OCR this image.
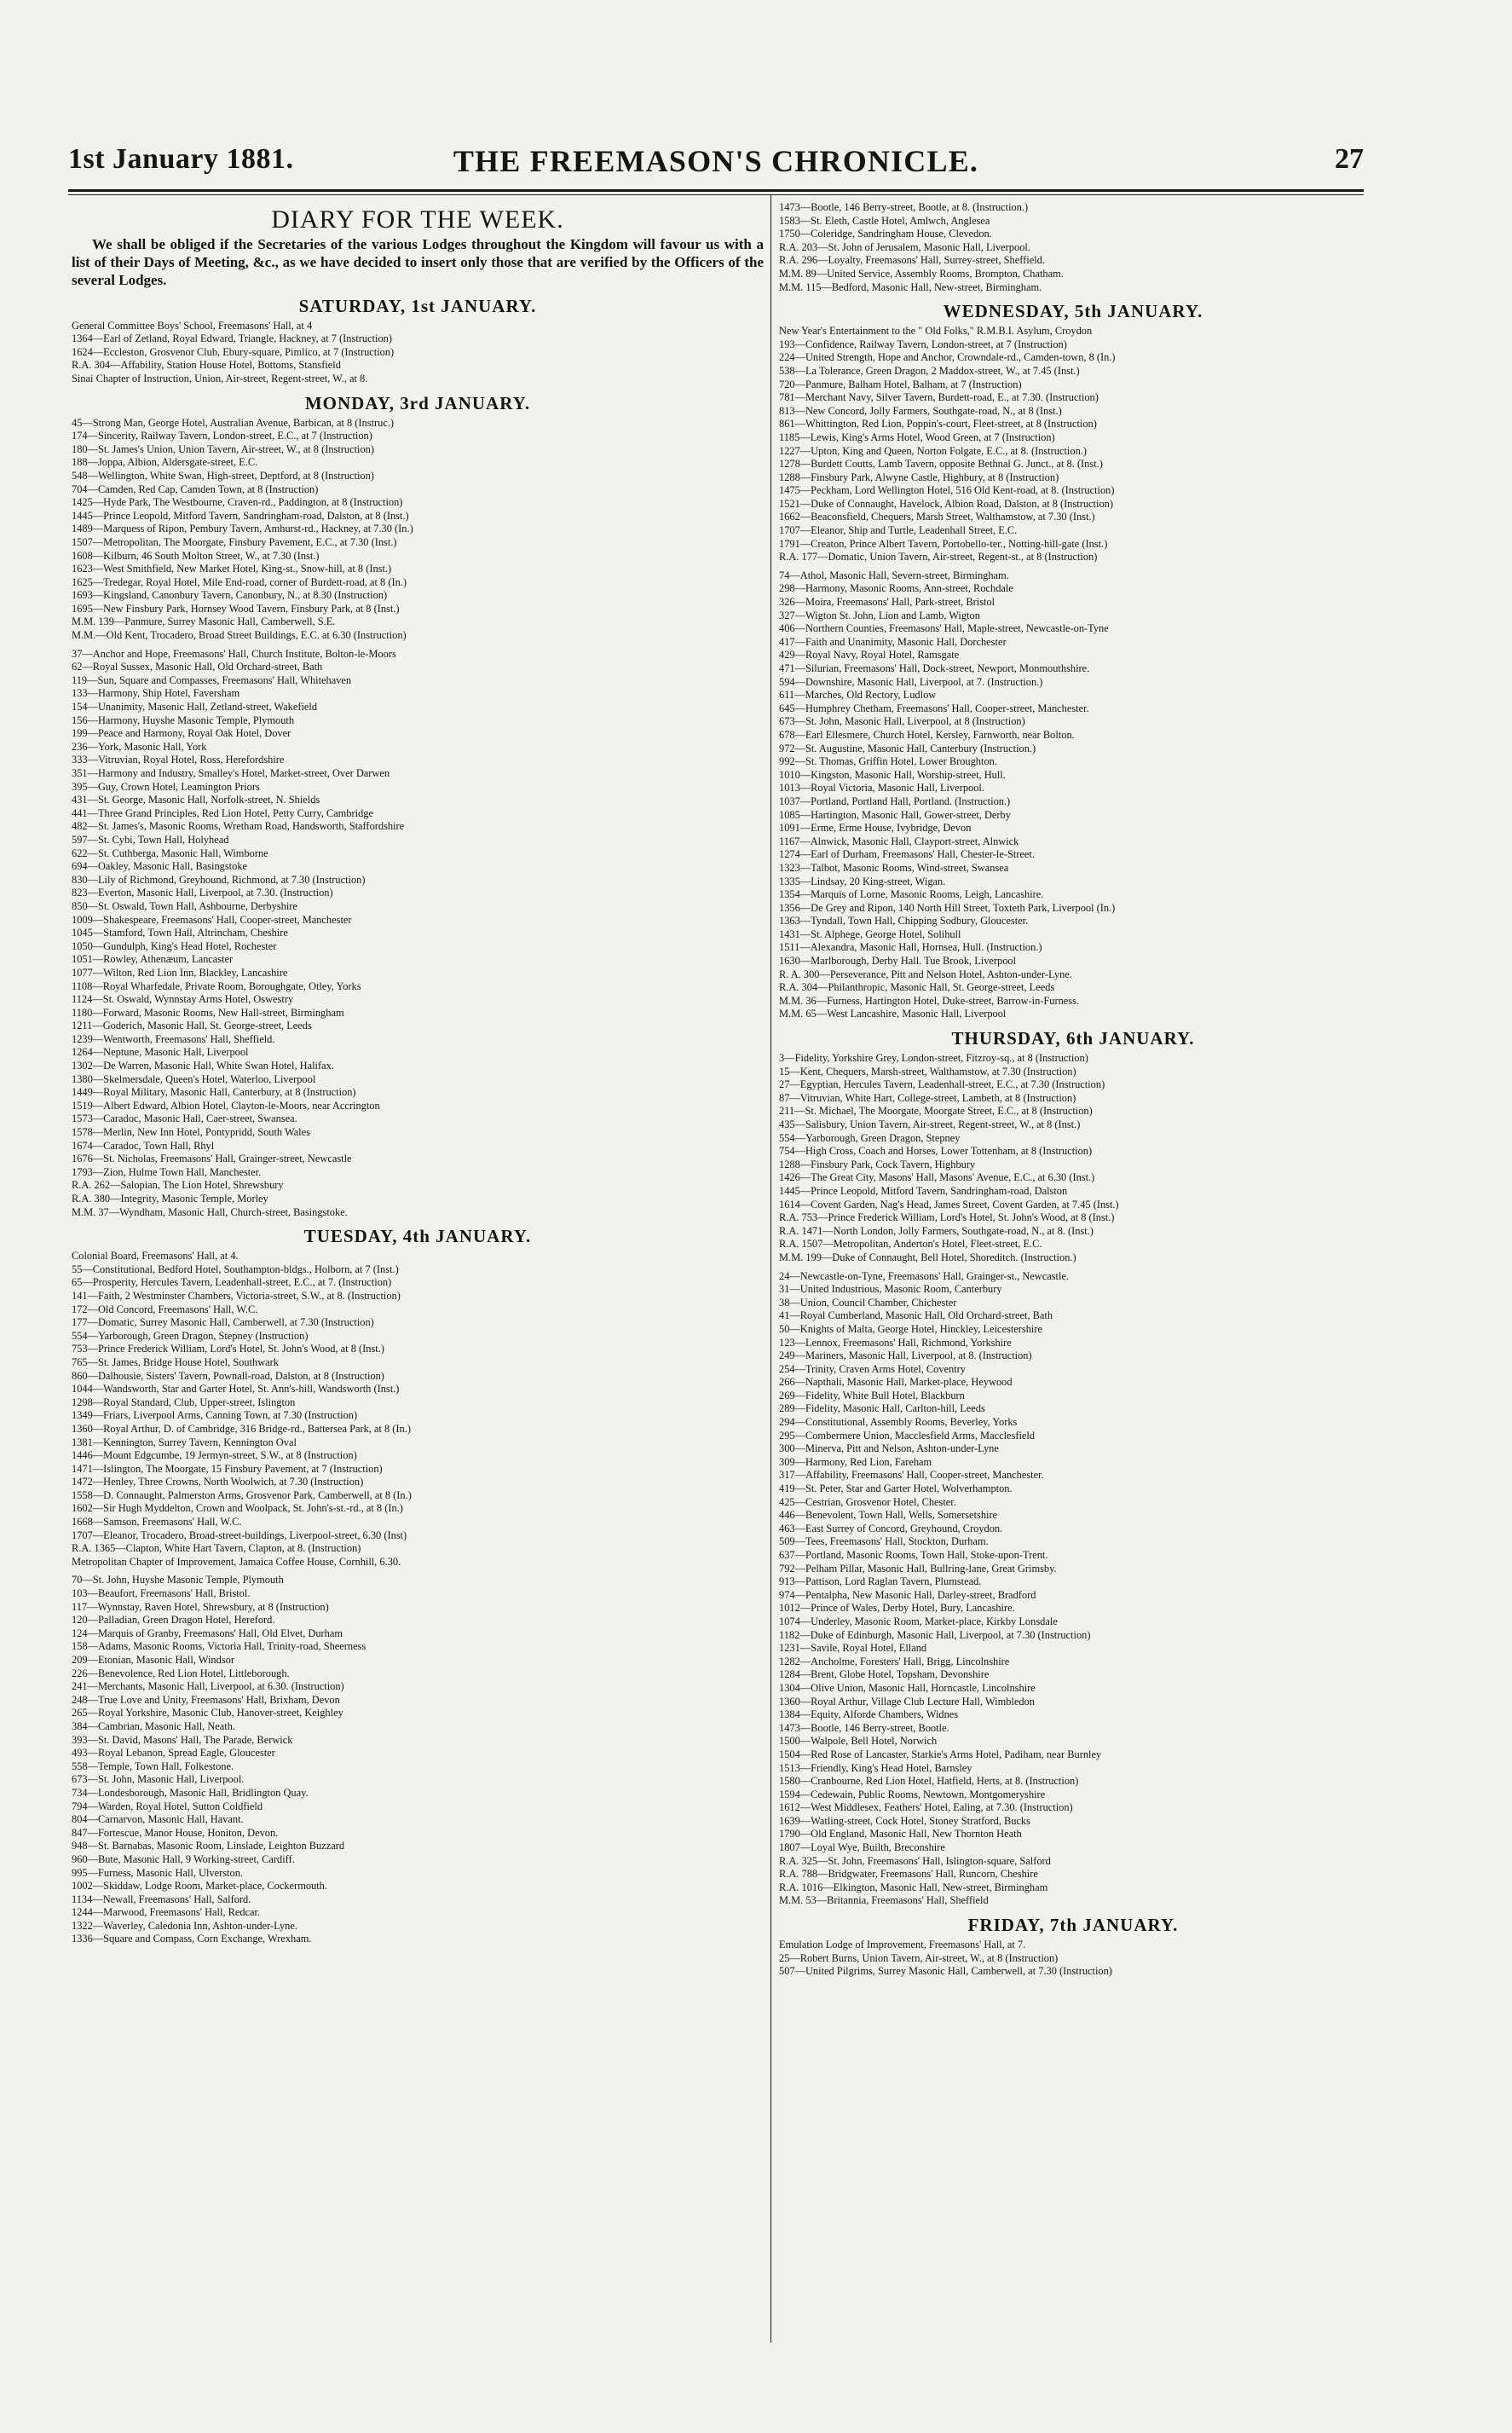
1st January 1881.	THE FREEMASON'S CHRONICLE.	27
DIARY FOR THE WEEK.

We shall be obliged if the Secretaries of the various Lodges throughout the Kingdom will favour us with a list of their Days of Meeting, &c., as we have decided to insert only those that are verified by the Officers of the several Lodges.

SATURDAY, 1st JANUARY.
General Committee Boys' School, Freemasons' Hall, at 4
1364—Earl of Zetland, Royal Edward, Triangle, Hackney, at 7 (Instruction)
1624—Eccleston, Grosvenor Club, Ebury-square, Pimlico, at 7 (Instruction)
R.A. 304—Affability, Station House Hotel, Bottoms, Stansfield
Sinai Chapter of Instruction, Union, Air-street, Regent-street, W., at 8.
MONDAY, 3rd JANUARY.
45—Strong Man, George Hotel, Australian Avenue, Barbican, at 8 (Instruc.)
174—Sincerity, Railway Tavern, London-street, E.C., at 7 (Instruction)
180—St. James's Union, Union Tavern, Air-street, W., at 8 (Instruction)
188—Joppa, Albion, Aldersgate-street, E.C.
548—Wellington, White Swan, High-street, Deptford, at 8 (Instruction)
704—Camden, Red Cap, Camden Town, at 8 (Instruction)
1425—Hyde Park, The Westbourne, Craven-rd., Paddington, at 8 (Instruction)
1445—Prince Leopold, Mitford Tavern, Sandringham-road, Dalston, at 8 (Inst.)
1489—Marquess of Ripon, Pembury Tavern, Amhurst-rd., Hackney, at 7.30 (In.)
1507—Metropolitan, The Moorgate, Finsbury Pavement, E.C., at 7.30 (Inst.)
1608—Kilburn, 46 South Molton Street, W., at 7.30 (Inst.)
1623—West Smithfield, New Market Hotel, King-st., Snow-hill, at 8 (Inst.)
1625—Tredegar, Royal Hotel, Mile End-road, corner of Burdett-road, at 8 (In.)
1693—Kingsland, Canonbury Tavern, Canonbury, N., at 8.30 (Instruction)
1695—New Finsbury Park, Hornsey Wood Tavern, Finsbury Park, at 8 (Inst.)
M.M. 139—Panmure, Surrey Masonic Hall, Camberwell, S.E.
M.M.—Old Kent, Trocadero, Broad Street Buildings, E.C. at 6.30 (Instruction)
37—Anchor and Hope, Freemasons' Hall, Church Institute, Bolton-le-Moors
62—Royal Sussex, Masonic Hall, Old Orchard-street, Bath
119—Sun, Square and Compasses, Freemasons' Hall, Whitehaven
133—Harmony, Ship Hotel, Faversham
154—Unanimity, Masonic Hall, Zetland-street, Wakefield
156—Harmony, Huyshe Masonic Temple, Plymouth
199—Peace and Harmony, Royal Oak Hotel, Dover
236—York, Masonic Hall, York
333—Vitruvian, Royal Hotel, Ross, Herefordshire
351—Harmony and Industry, Smalley's Hotel, Market-street, Over Darwen
395—Guy, Crown Hotel, Leamington Priors
431—St. George, Masonic Hall, Norfolk-street, N. Shields
441—Three Grand Principles, Red Lion Hotel, Petty Curry, Cambridge
482—St. James's, Masonic Rooms, Wretham Road, Handsworth, Staffordshire
597—St. Cybi, Town Hall, Holyhead
622—St. Cuthberga, Masonic Hall, Wimborne
694—Oakley, Masonic Hall, Basingstoke
830—Lily of Richmond, Greyhound, Richmond, at 7.30 (Instruction)
823—Everton, Masonic Hall, Liverpool, at 7.30. (Instruction)
850—St. Oswald, Town Hall, Ashbourne, Derbyshire
1009—Shakespeare, Freemasons' Hall, Cooper-street, Manchester
1045—Stamford, Town Hall, Altrincham, Cheshire
1050—Gundulph, King's Head Hotel, Rochester
1051—Rowley, Athenæum, Lancaster
1077—Wilton, Red Lion Inn, Blackley, Lancashire
1108—Royal Wharfedale, Private Room, Boroughgate, Otley, Yorks
1124—St. Oswald, Wynnstay Arms Hotel, Oswestry
1180—Forward, Masonic Rooms, New Hall-street, Birmingham
1211—Goderich, Masonic Hall, St. George-street, Leeds
1239—Wentworth, Freemasons' Hall, Sheffield.
1264—Neptune, Masonic Hall, Liverpool
1302—De Warren, Masonic Hall, White Swan Hotel, Halifax.
1380—Skelmersdale, Queen's Hotel, Waterloo, Liverpool
1449—Royal Military, Masonic Hall, Canterbury, at 8 (Instruction)
1519—Albert Edward, Albion Hotel, Clayton-le-Moors, near Accrington
1573—Caradoc, Masonic Hall, Caer-street, Swansea.
1578—Merlin, New Inn Hotel, Pontypridd, South Wales
1674—Caradoc, Town Hall, Rhyl
1676—St. Nicholas, Freemasons' Hall, Grainger-street, Newcastle
1793—Zion, Hulme Town Hall, Manchester.
R.A. 262—Salopian, The Lion Hotel, Shrewsbury
R.A. 380—Integrity, Masonic Temple, Morley
M.M. 37—Wyndham, Masonic Hall, Church-street, Basingstoke.
TUESDAY, 4th JANUARY.
Colonial Board, Freemasons' Hall, at 4.
55—Constitutional, Bedford Hotel, Southampton-bldgs., Holborn, at 7 (Inst.)
65—Prosperity, Hercules Tavern, Leadenhall-street, E.C., at 7. (Instruction)
141—Faith, 2 Westminster Chambers, Victoria-street, S.W., at 8. (Instruction)
172—Old Concord, Freemasons' Hall, W.C.
177—Domatic, Surrey Masonic Hall, Camberwell, at 7.30 (Instruction)
554—Yarborough, Green Dragon, Stepney (Instruction)
753—Prince Frederick William, Lord's Hotel, St. John's Wood, at 8 (Inst.)
765—St. James, Bridge House Hotel, Southwark
860—Dalhousie, Sisters' Tavern, Pownall-road, Dalston, at 8 (Instruction)
1044—Wandsworth, Star and Garter Hotel, St. Ann's-hill, Wandsworth (Inst.)
1298—Royal Standard, Club, Upper-street, Islington
1349—Friars, Liverpool Arms, Canning Town, at 7.30 (Instruction)
1360—Royal Arthur, D. of Cambridge, 316 Bridge-rd., Battersea Park, at 8 (In.)
1381—Kennington, Surrey Tavern, Kennington Oval
1446—Mount Edgcumbe, 19 Jermyn-street, S.W., at 8 (Instruction)
1471—Islington, The Moorgate, 15 Finsbury Pavement, at 7 (Instruction)
1472—Henley, Three Crowns, North Woolwich, at 7.30 (Instruction)
1558—D. Connaught, Palmerston Arms, Grosvenor Park, Camberwell, at 8 (In.)
1602—Sir Hugh Myddelton, Crown and Woolpack, St. John's-st.-rd., at 8 (In.)
1668—Samson, Freemasons' Hall, W.C.
1707—Eleanor, Trocadero, Broad-street-buildings, Liverpool-street, 6.30 (Inst)
R.A. 1365—Clapton, White Hart Tavern, Clapton, at 8. (Instruction)
Metropolitan Chapter of Improvement, Jamaica Coffee House, Cornhill, 6.30.
70—St. John, Huyshe Masonic Temple, Plymouth
103—Beaufort, Freemasons' Hall, Bristol.
117—Wynnstay, Raven Hotel, Shrewsbury, at 8 (Instruction)
120—Palladian, Green Dragon Hotel, Hereford.
124—Marquis of Granby, Freemasons' Hall, Old Elvet, Durham
158—Adams, Masonic Rooms, Victoria Hall, Trinity-road, Sheerness
209—Etonian, Masonic Hall, Windsor
226—Benevolence, Red Lion Hotel, Littleborough.
241—Merchants, Masonic Hall, Liverpool, at 6.30. (Instruction)
248—True Love and Unity, Freemasons' Hall, Brixham, Devon
265—Royal Yorkshire, Masonic Club, Hanover-street, Keighley
384—Cambrian, Masonic Hall, Neath.
393—St. David, Masons' Hall, The Parade, Berwick
493—Royal Lebanon, Spread Eagle, Gloucester
558—Temple, Town Hall, Folkestone.
673—St. John, Masonic Hall, Liverpool.
734—Londesborough, Masonic Hall, Bridlington Quay.
794—Warden, Royal Hotel, Sutton Coldfield
804—Carnarvon, Masonic Hall, Havant.
847—Fortescue, Manor House, Honiton, Devon.
948—St. Barnabas, Masonic Room, Linslade, Leighton Buzzard
960—Bute, Masonic Hall, 9 Working-street, Cardiff.
995—Furness, Masonic Hall, Ulverston.
1002—Skiddaw, Lodge Room, Market-place, Cockermouth.
1134—Newall, Freemasons' Hall, Salford.
1244—Marwood, Freemasons' Hall, Redcar.
1322—Waverley, Caledonia Inn, Ashton-under-Lyne.
1336—Square and Compass, Corn Exchange, Wrexham.
1473—Bootle, 146 Berry-street, Bootle, at 8. (Instruction.)
1583—St. Eleth, Castle Hotel, Amlwch, Anglesea
1750—Coleridge, Sandringham House, Clevedon.
R.A. 203—St. John of Jerusalem, Masonic Hall, Liverpool.
R.A. 296—Loyalty, Freemasons' Hall, Surrey-street, Sheffield.
M.M. 89—United Service, Assembly Rooms, Brompton, Chatham.
M.M. 115—Bedford, Masonic Hall, New-street, Birmingham.
WEDNESDAY, 5th JANUARY.
New Year's Entertainment to the " Old Folks," R.M.B.I. Asylum, Croydon
193—Confidence, Railway Tavern, London-street, at 7 (Instruction)
224—United Strength, Hope and Anchor, Crowndale-rd., Camden-town, 8 (In.)
538—La Tolerance, Green Dragon, 2 Maddox-street, W., at 7.45 (Inst.)
720—Panmure, Balham Hotel, Balham, at 7 (Instruction)
781—Merchant Navy, Silver Tavern, Burdett-road, E., at 7.30. (Instruction)
813—New Concord, Jolly Farmers, Southgate-road, N., at 8 (Inst.)
861—Whittington, Red Lion, Poppin's-court, Fleet-street, at 8 (Instruction)
1185—Lewis, King's Arms Hotel, Wood Green, at 7 (Instruction)
1227—Upton, King and Queen, Norton Folgate, E.C., at 8. (Instruction.)
1278—Burdett Coutts, Lamb Tavern, opposite Bethnal G. Junct., at 8. (Inst.)
1288—Finsbury Park, Alwyne Castle, Highbury, at 8 (Instruction)
1475—Peckham, Lord Wellington Hotel, 516 Old Kent-road, at 8. (Instruction)
1521—Duke of Connaught, Havelock, Albion Road, Dalston, at 8 (Instruction)
1662—Beaconsfield, Chequers, Marsh Street, Walthamstow, at 7.30 (Inst.)
1707—Eleanor, Ship and Turtle, Leadenhall Street, E.C.
1791—Creaton, Prince Albert Tavern, Portobello-ter., Notting-hill-gate (Inst.)
R.A. 177—Domatic, Union Tavern, Air-street, Regent-st., at 8 (Instruction)
74—Athol, Masonic Hall, Severn-street, Birmingham.
298—Harmony, Masonic Rooms, Ann-street, Rochdale
326—Moira, Freemasons' Hall, Park-street, Bristol
327—Wigton St. John, Lion and Lamb, Wigton
406—Northern Counties, Freemasons' Hall, Maple-street, Newcastle-on-Tyne
417—Faith and Unanimity, Masonic Hall, Dorchester
429—Royal Navy, Royal Hotel, Ramsgate
471—Silurian, Freemasons' Hall, Dock-street, Newport, Monmouthshire.
594—Downshire, Masonic Hall, Liverpool, at 7. (Instruction.)
611—Marches, Old Rectory, Ludlow
645—Humphrey Chetham, Freemasons' Hall, Cooper-street, Manchester.
673—St. John, Masonic Hall, Liverpool, at 8 (Instruction)
678—Earl Ellesmere, Church Hotel, Kersley, Farnworth, near Bolton.
972—St. Augustine, Masonic Hall, Canterbury (Instruction.)
992—St. Thomas, Griffin Hotel, Lower Broughton.
1010—Kingston, Masonic Hall, Worship-street, Hull.
1013—Royal Victoria, Masonic Hall, Liverpool.
1037—Portland, Portland Hall, Portland. (Instruction.)
1085—Hartington, Masonic Hall, Gower-street, Derby
1091—Erme, Erme House, Ivybridge, Devon
1167—Alnwick, Masonic Hall, Clayport-street, Alnwick
1274—Earl of Durham, Freemasons' Hall, Chester-le-Street.
1323—Talbot, Masonic Rooms, Wind-street, Swansea
1335—Lindsay, 20 King-street, Wigan.
1354—Marquis of Lorne, Masonic Rooms, Leigh, Lancashire.
1356—De Grey and Ripon, 140 North Hill Street, Toxteth Park, Liverpool (In.)
1363—Tyndall, Town Hall, Chipping Sodbury, Gloucester.
1431—St. Alphege, George Hotel, Solihull
1511—Alexandra, Masonic Hall, Hornsea, Hull. (Instruction.)
1630—Marlborough, Derby Hall. Tue Brook, Liverpool
R. A. 300—Perseverance, Pitt and Nelson Hotel, Ashton-under-Lyne.
R.A. 304—Philanthropic, Masonic Hall, St. George-street, Leeds
M.M. 36—Furness, Hartington Hotel, Duke-street, Barrow-in-Furness.
M.M. 65—West Lancashire, Masonic Hall, Liverpool
THURSDAY, 6th JANUARY.
3—Fidelity, Yorkshire Grey, London-street, Fitzroy-sq., at 8 (Instruction)
15—Kent, Chequers, Marsh-street, Walthamstow, at 7.30 (Instruction)
27—Egyptian, Hercules Tavern, Leadenhall-street, E.C., at 7.30 (Instruction)
87—Vitruvian, White Hart, College-street, Lambeth, at 8 (Instruction)
211—St. Michael, The Moorgate, Moorgate Street, E.C., at 8 (Instruction)
435—Salisbury, Union Tavern, Air-street, Regent-street, W., at 8 (Inst.)
554—Yarborough, Green Dragon, Stepney
754—High Cross, Coach and Horses, Lower Tottenham, at 8 (Instruction)
1288—Finsbury Park, Cock Tavern, Highbury
1426—The Great City, Masons' Hall, Masons' Avenue, E.C., at 6.30 (Inst.)
1445—Prince Leopold, Mitford Tavern, Sandringham-road, Dalston
1614—Covent Garden, Nag's Head, James Street, Covent Garden, at 7.45 (Inst.)
R.A. 753—Prince Frederick William, Lord's Hotel, St. John's Wood, at 8 (Inst.)
R.A. 1471—North London, Jolly Farmers, Southgate-road, N., at 8. (Inst.)
R.A. 1507—Metropolitan, Anderton's Hotel, Fleet-street, E.C.
M.M. 199—Duke of Connaught, Bell Hotel, Shoreditch. (Instruction.)
24—Newcastle-on-Tyne, Freemasons' Hall, Grainger-st., Newcastle.
31—United Industrious, Masonic Room, Canterbury
38—Union, Council Chamber, Chichester
41—Royal Cumberland, Masonic Hall, Old Orchard-street, Bath
50—Knights of Malta, George Hotel, Hinckley, Leicestershire
123—Lennox, Freemasons' Hall, Richmond, Yorkshire
249—Mariners, Masonic Hall, Liverpool, at 8. (Instruction)
254—Trinity, Craven Arms Hotel, Coventry
266—Napthali, Masonic Hall, Market-place, Heywood
269—Fidelity, White Bull Hotel, Blackburn
289—Fidelity, Masonic Hall, Carlton-hill, Leeds
294—Constitutional, Assembly Rooms, Beverley, Yorks
295—Combermere Union, Macclesfield Arms, Macclesfield
300—Minerva, Pitt and Nelson, Ashton-under-Lyne
309—Harmony, Red Lion, Fareham
317—Affability, Freemasons' Hall, Cooper-street, Manchester.
419—St. Peter, Star and Garter Hotel, Wolverhampton.
425—Cestrian, Grosvenor Hotel, Chester.
446—Benevolent, Town Hall, Wells, Somersetshire
463—East Surrey of Concord, Greyhound, Croydon.
509—Tees, Freemasons' Hall, Stockton, Durham.
637—Portland, Masonic Rooms, Town Hall, Stoke-upon-Trent.
792—Pelham Pillar, Masonic Hall, Bullring-lane, Great Grimsby.
913—Pattison, Lord Raglan Tavern, Plumstead.
974—Pentalpha, New Masonic Hall, Darley-street, Bradford
1012—Prince of Wales, Derby Hotel, Bury, Lancashire.
1074—Underley, Masonic Room, Market-place, Kirkby Lonsdale
1182—Duke of Edinburgh, Masonic Hall, Liverpool, at 7.30 (Instruction)
1231—Savile, Royal Hotel, Elland
1282—Ancholme, Foresters' Hall, Brigg, Lincolnshire
1284—Brent, Globe Hotel, Topsham, Devonshire
1304—Olive Union, Masonic Hall, Horncastle, Lincolnshire
1360—Royal Arthur, Village Club Lecture Hall, Wimbledon
1384—Equity, Alforde Chambers, Widnes
1473—Bootle, 146 Berry-street, Bootle.
1500—Walpole, Bell Hotel, Norwich
1504—Red Rose of Lancaster, Starkie's Arms Hotel, Padiham, near Burnley
1513—Friendly, King's Head Hotel, Barnsley
1580—Cranbourne, Red Lion Hotel, Hatfield, Herts, at 8. (Instruction)
1594—Cedewain, Public Rooms, Newtown, Montgomeryshire
1612—West Middlesex, Feathers' Hotel, Ealing, at 7.30. (Instruction)
1639—Watling-street, Cock Hotel, Stoney Stratford, Bucks
1790—Old England, Masonic Hall, New Thornton Heath
1807—Loyal Wye, Builth, Breconshire
R.A. 325—St. John, Freemasons' Hall, Islington-square, Salford
R.A. 788—Bridgwater, Freemasons' Hall, Runcorn, Cheshire
R.A. 1016—Elkington, Masonic Hall, New-street, Birmingham
M.M. 53—Britannia, Freemasons' Hall, Sheffield
FRIDAY, 7th JANUARY.
Emulation Lodge of Improvement, Freemasons' Hall, at 7.
25—Robert Burns, Union Tavern, Air-street, W., at 8 (Instruction)
507—United Pilgrims, Surrey Masonic Hall, Camberwell, at 7.30 (Instruction)
